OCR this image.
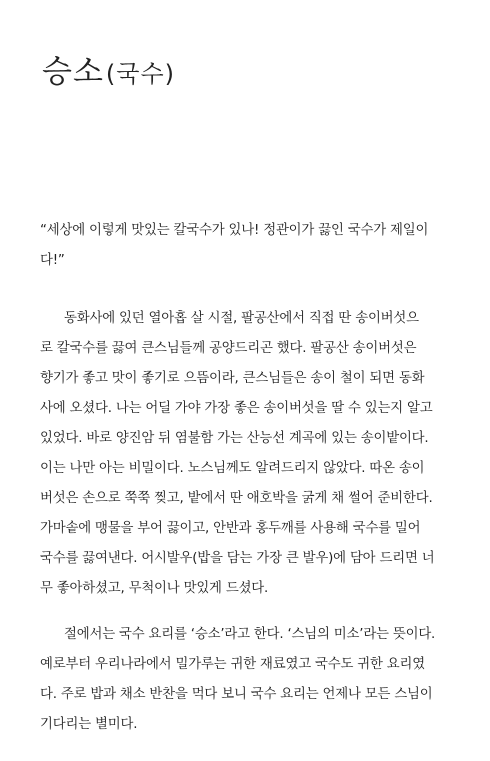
승소(국수)
“세상에 이렇게 맛있는 칼국수가 있나! 정관이가 끓인 국수가 제일이
다!”
동화사에 있던 열아홉 살 시절, 팔공산에서 직접 딴 송이버섯으
로 칼국수를 끓여 큰스님들께 공양드리곤 했다. 팔공산 송이버섯은
향기가 좋고 맛이 좋기로 으뜸이라, 큰스님들은 송이 철이 되면 동화
사에 오셨다. 나는 어딜 가야 가장 좋은 송이버섯을 딸 수 있는지 알고
있었다. 바로 양진암 뒤 염불함 가는 산능선 계곡에 있는 송이밭이다.
이는 나만 아는 비밀이다. 노스님께도 알려드리지 않았다. 따온 송이
버섯은 손으로 쭉쭉 찢고, 밭에서 딴 애호박을 굵게 채 썰어 준비한다.
가마솥에 맹물을 부어 끓이고, 안반과 홍두깨를 사용해 국수를 밀어
국수를 끓여낸다. 어시발우(밥을 담는 가장 큰 발우)에 담아 드리면 너
무 좋아하셨고, 무척이나 맛있게 드셨다.
절에서는 국수 요리를 ‘승소’라고 한다. ‘스님의 미소’라는 뜻이다.
예로부터 우리나라에서 밀가루는 귀한 재료였고 국수도 귀한 요리였
다. 주로 밥과 채소 반찬을 먹다 보니 국수 요리는 언제나 모든 스님이
기다리는 별미다.
